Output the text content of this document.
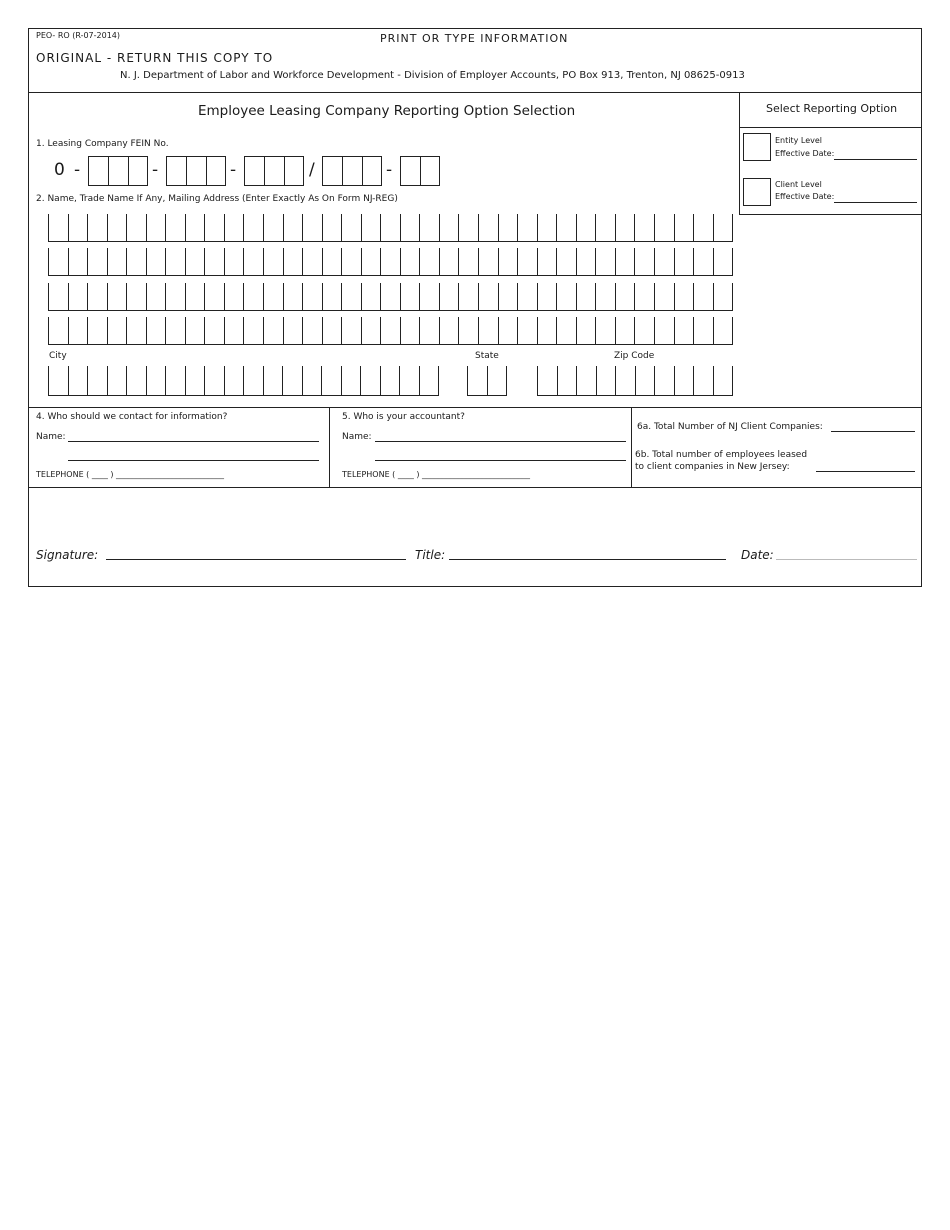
PEO- RO (R-07-2014)	PRINT OR TYPE INFORMATION
ORIGINAL - RETURN THIS COPY TO
N. J. Department of Labor and Workforce Development - Division of Employer Accounts, PO Box 913, Trenton, NJ 08625-0913
Employee Leasing Company Reporting Option Selection	Select Reporting Option
Entity Level
Effective Date:
Client Level
Effective Date:
1. Leasing Company FEIN No.
0 -	-	-	/	-
2. Name, Trade Name If Any, Mailing Address (Enter Exactly As On Form NJ-REG)
City	State	Zip Code
4. Who should we contact for information?
Name:
TELEPHONE ( ____ ) ___________________________
5. Who is your accountant?
Name:
TELEPHONE ( ____ ) ___________________________
6a. Total Number of NJ Client Companies:
6b. Total number of employees leased
to client companies in New Jersey:
Signature:	Title:	Date:
